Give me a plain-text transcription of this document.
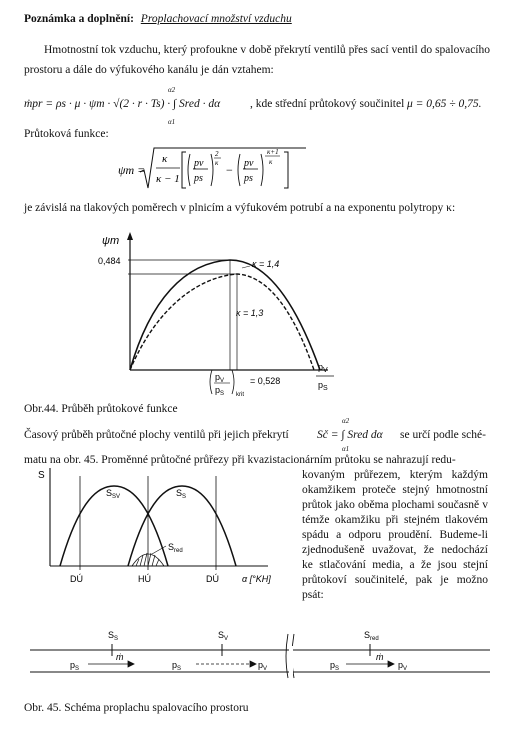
Poznámka a doplnění: Proplachovací množství vzduchu

Hmotnostní tok vzduchu, který profoukne v době překrytí ventilů přes sací ventil do spalovacího prostoru a dále do výfukového kanálu je dán vztahem:

ṁpr = ρs · μ · ψm · √(2 · r · Ts) · ∫ Sred · dα
α2
α1
, kde střední průtokový součinitel μ = 0,65 ÷ 0,75.
Průtoková funkce:
ψm =
κ
κ − 1
pv
ps
2
κ − pv
ps
κ+1
κ

je závislá na tlakových poměrech v plnicím a výfukovém potrubí a na exponentu polytropy κ:

ψm
0,484	κ = 1,4
κ = 1,3
$p_V$ $p_S$
$p_V$
$p_S$ krit
= 0,528
Obr.44. Průběh průtokové funkce
Časový průběh průtočné plochy ventilů při jejich překrytí Sč = ∫ Sred dα
α2
α1
se určí podle sché-

matu na obr. 45. Proměnné průtočné průřezy při kvazistacionárním průtoku se nahrazují redu-

kovaným průřezem, kterým každým okamžikem proteče stejný hmotnostní průtok jako oběma plochami současně v témže okamžiku při stejném tlakovém spádu a odporu proudění. Budeme-li zjednodušeně uvažovat, že nedochází ke stlačování media, a že jsou stejní průtokoví součinitelé, pak je možno psát:

S
$S_{SV}$	$S_S$
$S_{red}$
DÚ	HÚ	DÚ	α [°KH]
$S_S$	$S_V$	$S_{red}$
ṁ	ṁ
$p_S$	$p_S$	$p_V$	$p_S$	$p_V$
Obr. 45. Schéma proplachu spalovacího prostoru
